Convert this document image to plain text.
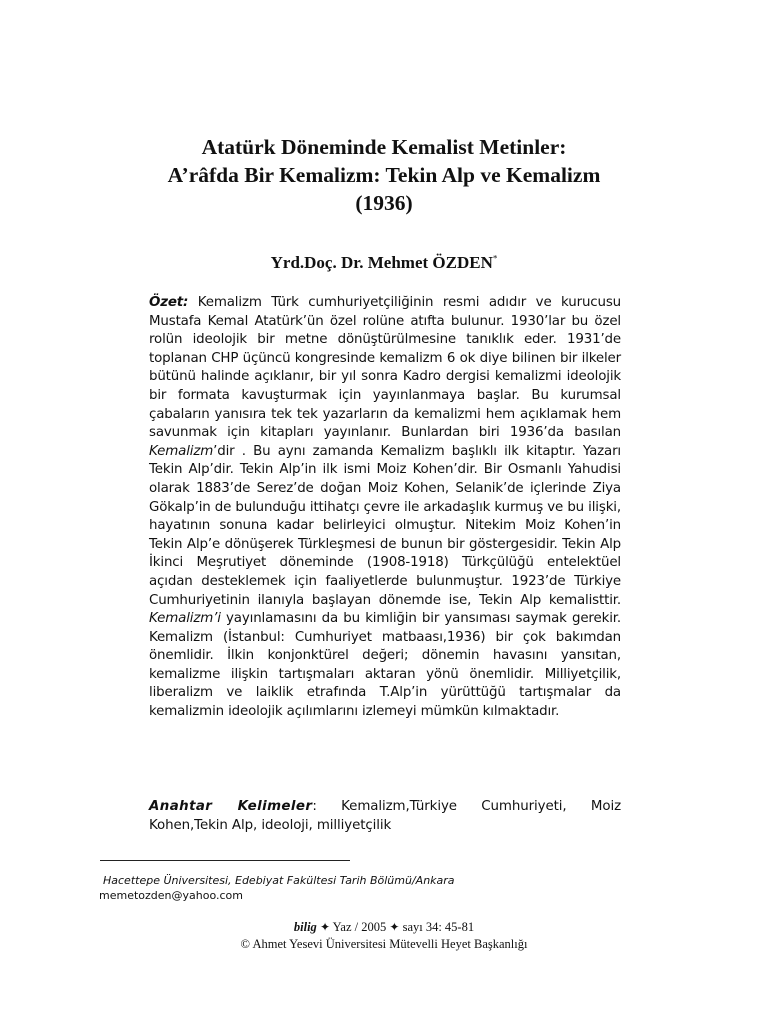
Atatürk Döneminde Kemalist Metinler:
A’râfda Bir Kemalizm: Tekin Alp ve Kemalizm
(1936)
Yrd.Doç. Dr. Mehmet ÖZDEN*
Özet: Kemalizm Türk cumhuriyetçiliğinin resmi adıdır ve kurucusu Mustafa Kemal Atatürk’ün özel rolüne atıfta bulunur. 1930’lar bu özel rolün ideolojik bir metne dönüştürülmesine tanıklık eder. 1931’de toplanan CHP üçüncü kongresinde kemalizm 6 ok diye bilinen bir ilkeler bütünü halinde açıklanır, bir yıl sonra Kadro dergisi kemalizmi ideolojik bir formata kavuşturmak için yayınlanmaya başlar. Bu kurumsal çabaların yanısıra tek tek yazarların da kemalizmi hem açıklamak hem savunmak için kitapları yayınlanır. Bunlardan biri 1936’da basılan Kemalizm’dir . Bu aynı zamanda Kemalizm başlıklı ilk kitaptır. Yazarı Tekin Alp’dir. Tekin Alp’in ilk ismi Moiz Kohen’dir. Bir Osmanlı Yahudisi olarak 1883’de Serez’de doğan Moiz Kohen, Selanik’de içlerinde Ziya Gökalp’in de bulunduğu ittihatçı çevre ile arkadaşlık kurmuş ve bu ilişki, hayatının sonuna kadar belirleyici olmuştur. Nitekim Moiz Kohen’in Tekin Alp’e dönüşerek Türkleşmesi de bunun bir göstergesidir. Tekin Alp İkinci Meşrutiyet döneminde (1908-1918) Türkçülüğü entelektüel açıdan desteklemek için faaliyetlerde bulunmuştur. 1923’de Türkiye Cumhuriyetinin ilanıyla başlayan dönemde ise, Tekin Alp kemalisttir. Kemalizm’i yayınlamasını da bu kimliğin bir yansıması saymak gerekir. Kemalizm (İstanbul: Cumhuriyet matbaası,1936) bir çok bakımdan önemlidir. İlkin konjonktürel değeri; dönemin havasını yansıtan, kemalizme ilişkin tartışmaları aktaran yönü önemlidir. Milliyetçilik, liberalizm ve laiklik etrafında T.Alp’in yürüttüğü tartışmalar da kemalizmin ideolojik açılımlarını izlemeyi mümkün kılmaktadır.
Anahtar Kelimeler: Kemalizm,Türkiye Cumhuriyeti, Moiz Kohen,Tekin Alp, ideoloji, milliyetçilik
Hacettepe Üniversitesi, Edebiyat Fakültesi Tarih Bölümü/Ankara
memetozden@yahoo.com
bilig ✦ Yaz / 2005 ✦ sayı 34: 45-81
© Ahmet Yesevi Üniversitesi Mütevelli Heyet Başkanlığı
